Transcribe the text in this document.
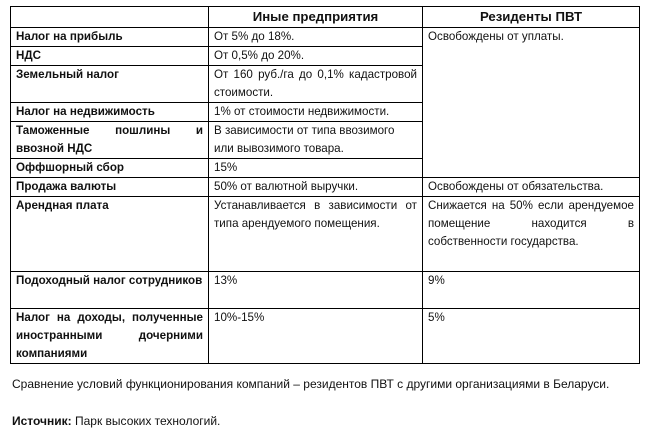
	Иные предприятия	Резиденты ПВТ
Налог на прибыль	От 5% до 18%.	Освобождены от уплаты.
НДС	От 0,5% до 20%.	
Земельный налог	От 160 руб./га до 0,1% кадастровой стоимости.	
Налог на недвижимость	1% от стоимости недвижимости.	
Таможенные пошлины и ввозной НДС	В зависимости от типа ввозимого или вывозимого товара.	
Оффшорный сбор	15%	
Продажа валюты	50% от валютной выручки.	Освобождены от обязательства.
Арендная плата	Устанавливается в зависимости от типа арендуемого помещения.	Снижается на 50% если арендуемое помещение находится в собственности государства.
Подоходный налог сотрудников	13%	9%
Налог на доходы, полученные иностранными дочерними компаниями	10%-15%	5%
Сравнение условий функционирования компаний – резидентов ПВТ с другими организациями в Беларуси.
Источник: Парк высоких технологий.
